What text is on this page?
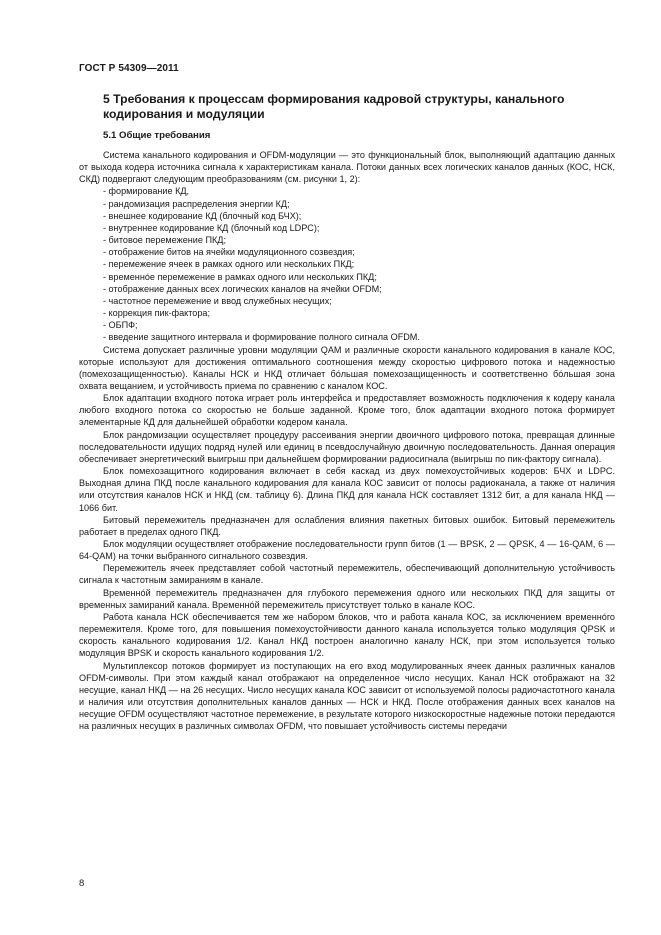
ГОСТ Р 54309—2011
5 Требования к процессам формирования кадровой структуры, канального кодирования и модуляции
5.1 Общие требования

Система канального кодирования и OFDM-модуляции — это функциональный блок, выполняющий адаптацию данных от выхода кодера источника сигнала к характеристикам канала. Потоки данных всех логических каналов данных (КОС, НСК, СКД) подвергают следующим преобразованиям (см. рисунки 1, 2):

- формирование КД,
- рандомизация распределения энергии КД;
- внешнее кодирование КД (блочный код БЧХ);
- внутреннее кодирование КД (блочный код LDPC);
- битовое перемежение ПКД;
- отображение битов на ячейки модуляционного созвездия;
- перемежение ячеек в рамках одного или нескольких ПКД;
- временнóе перемежение в рамках одного или нескольких ПКД;
- отображение данных всех логических каналов на ячейки OFDM;
- частотное перемежение и ввод служебных несущих;
- коррекция пик-фактора;
- ОБПФ;
- введение защитного интервала и формирование полного сигнала OFDM.

Система допускает различные уровни модуляции QAM и различные скорости канального кодирования в канале КОС, которые используют для достижения оптимального соотношения между скоростью цифрового потока и надежностью (помехозащищенностью). Каналы НСК и НКД отличает бóльшая помехозащищенность и соответственно бóльшая зона охвата вещанием, и устойчивость приема по сравнению с каналом КОС.

Блок адаптации входного потока играет роль интерфейса и предоставляет возможность подключения к кодеру канала любого входного потока со скоростью не больше заданной. Кроме того, блок адаптации входного потока формирует элементарные КД для дальнейшей обработки кодером канала.

Блок рандомизации осуществляет процедуру рассеивания энергии двоичного цифрового потока, превращая длинные последовательности идущих подряд нулей или единиц в псевдослучайную двоичную последовательность. Данная операция обеспечивает энергетический выигрыш при дальнейшем формировании радиосигнала (выигрыш по пик-фактору сигнала).

Блок помехозащитного кодирования включает в себя каскад из двух помехоустойчивых кодеров: БЧХ и LDPC. Выходная длина ПКД после канального кодирования для канала КОС зависит от полосы радиоканала, а также от наличия или отсутствия каналов НСК и НКД (см. таблицу 6). Длина ПКД для канала НСК составляет 1312 бит, а для канала НКД — 1066 бит.

Битовый перемежитель предназначен для ослабления влияния пакетных битовых ошибок. Битовый перемежитель работает в пределах одного ПКД.

Блок модуляции осуществляет отображение последовательности групп битов (1 — BPSK, 2 — QPSK, 4 — 16-QAM, 6 — 64-QAM) на точки выбранного сигнального созвездия.

Перемежитель ячеек представляет собой частотный перемежитель, обеспечивающий дополнительную устойчивость сигнала к частотным замираниям в канале.

Временнóй перемежитель предназначен для глубокого перемежения одного или нескольких ПКД для защиты от временных замираний канала. Временнóй перемежитель присутствует только в канале КОС.

Работа канала НСК обеспечивается тем же набором блоков, что и работа канала КОС, за исключением временнóго перемежителя. Кроме того, для повышения помехоустойчивости данного канала используется только модуляция QPSK и скорость канального кодирования 1/2. Канал НКД построен аналогично каналу НСК, при этом используется только модуляция BPSK и скорость канального кодирования 1/2.

Мультиплексор потоков формирует из поступающих на его вход модулированных ячеек данных различных каналов OFDM-символы. При этом каждый канал отображают на определенное число несущих. Канал НСК отображают на 32 несущие, канал НКД — на 26 несущих. Число несущих канала КОС зависит от используемой полосы радиочастотного канала и наличия или отсутствия дополнительных каналов данных — НСК и НКД. После отображения данных всех каналов на несущие OFDM осуществляют частотное перемежение, в результате которого низкоскоростные надежные потоки передаются на различных несущих в различных символах OFDM, что повышает устойчивость системы передачи

8
